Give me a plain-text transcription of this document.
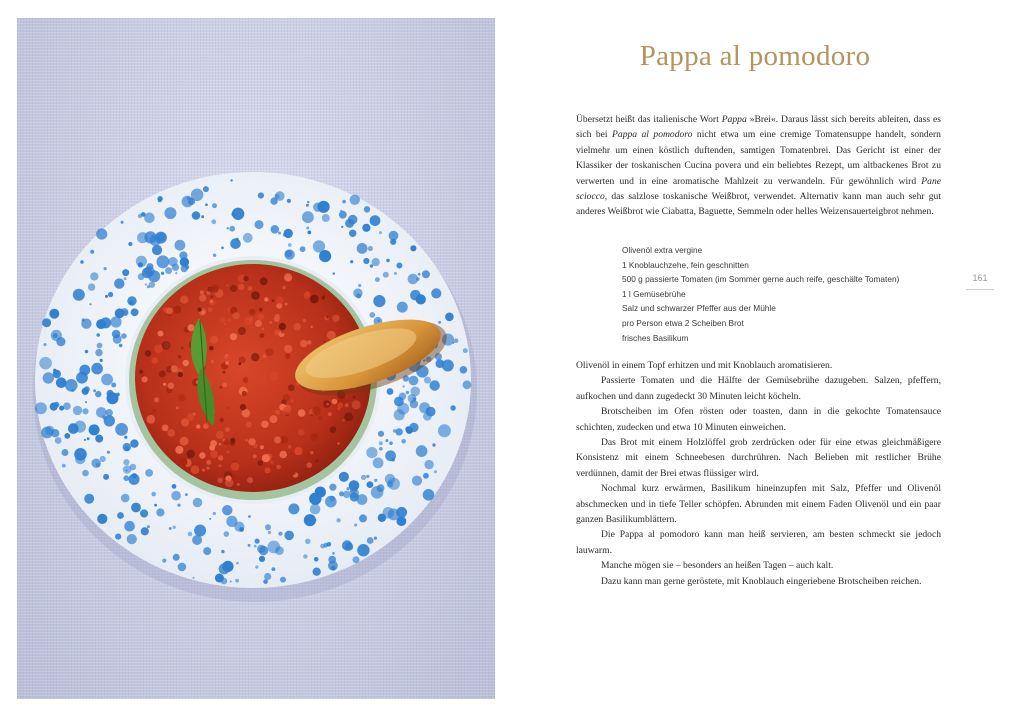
Pappa al pomodoro

Übersetzt heißt das italienische Wort Pappa »Brei«. Daraus lässt sich bereits ableiten, dass es sich bei Pappa al pomodoro nicht etwa um eine cremige Tomatensuppe handelt, sondern vielmehr um einen köstlich duftenden, samtigen Tomatenbrei. Das Gericht ist einer der Klassiker der toskanischen Cucina povera und ein beliebtes Rezept, um altbackenes Brot zu verwerten und in eine aromatische Mahlzeit zu verwandeln. Für gewöhnlich wird Pane sciocco, das salzlose toskanische Weißbrot, verwendet. Alternativ kann man auch sehr gut anderes Weißbrot wie Ciabatta, Baguette, Semmeln oder helles Weizensauerteigbrot nehmen.

Olivenöl extra vergine
1 Knoblauchzehe, fein geschnitten
500 g passierte Tomaten (im Sommer gerne auch reife, geschälte Tomaten)
1 l Gemüsebrühe
Salz und schwarzer Pfeffer aus der Mühle
pro Person etwa 2 Scheiben Brot
frisches Basilikum
161

Olivenöl in einem Topf erhitzen und mit Knoblauch aromatisieren.

Passierte Tomaten und die Hälfte der Gemüsebrühe dazugeben. Salzen, pfeffern, aufkochen und dann zugedeckt 30 Minuten leicht köcheln.

Brotscheiben im Ofen rösten oder toasten, dann in die gekochte Tomatensauce schichten, zudecken und etwa 10 Minuten einweichen.

Das Brot mit einem Holzlöffel grob zerdrücken oder für eine etwas gleichmäßigere Konsistenz mit einem Schneebesen durchrühren. Nach Belieben mit restlicher Brühe verdünnen, damit der Brei etwas flüssiger wird.

Nochmal kurz erwärmen, Basilikum hineinzupfen mit Salz, Pfeffer und Olivenöl abschmecken und in tiefe Teller schöpfen. Abrunden mit einem Faden Olivenöl und ein paar ganzen Basilikumblättern.

Die Pappa al pomodoro kann man heiß servieren, am besten schmeckt sie jedoch lauwarm.

Manche mögen sie – besonders an heißen Tagen – auch kalt.

Dazu kann man gerne geröstete, mit Knoblauch eingeriebene Brotscheiben reichen.
